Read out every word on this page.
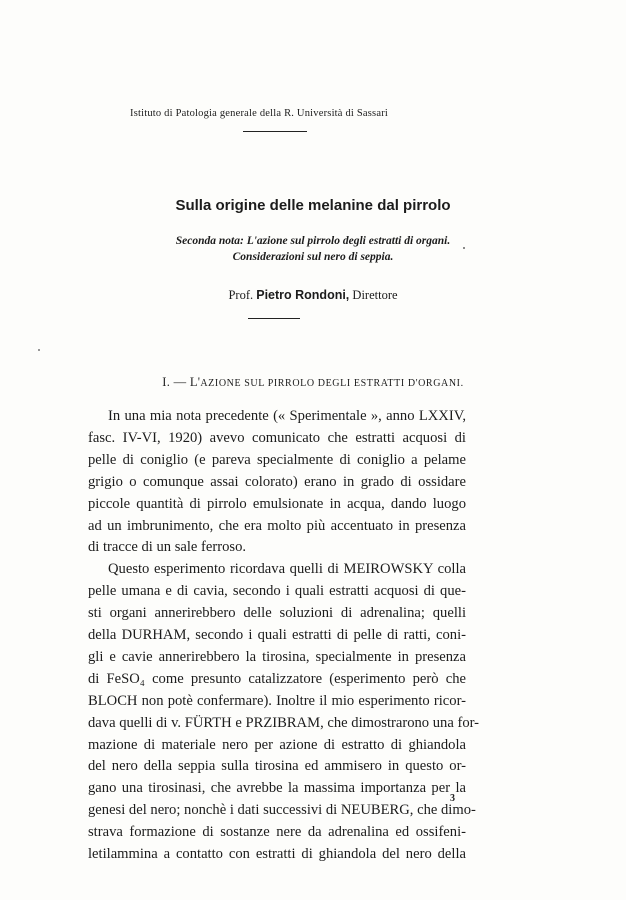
Istituto di Patologia generale della R. Università di Sassari
Sulla origine delle melanine dal pirrolo
Seconda nota: L'azione sul pirrolo degli estratti di organi.
Considerazioni sul nero di seppia.
Prof. Pietro Rondoni, Direttore
I. — L'AZIONE SUL PIRROLO DEGLI ESTRATTI D'ORGANI.
In una mia nota precedente (« Sperimentale », anno LXXIV,
fasc. IV-VI, 1920) avevo comunicato che estratti acquosi di
pelle di coniglio (e pareva specialmente di coniglio a pelame
grigio o comunque assai colorato) erano in grado di ossidare
piccole quantità di pirrolo emulsionate in acqua, dando luogo
ad un imbrunimento, che era molto più accentuato in presenza
di tracce di un sale ferroso.
Questo esperimento ricordava quelli di MEIROWSKY colla
pelle umana e di cavia, secondo i quali estratti acquosi di que-
sti organi annerirebbero delle soluzioni di adrenalina; quelli
della DURHAM, secondo i quali estratti di pelle di ratti, coni-
gli e cavie annerirebbero la tirosina, specialmente in presenza
di FeSO₄ come presunto catalizzatore (esperimento però che
BLOCH non potè confermare). Inoltre il mio esperimento ricor-
dava quelli di v. FÜRTH e PRZIBRAM, che dimostrarono una for-
mazione di materiale nero per azione di estratto di ghiandola
del nero della seppia sulla tirosina ed ammisero in questo or-
gano una tirosinasi, che avrebbe la massima importanza per la
genesi del nero; nonchè i dati successivi di NEUBERG, che dimo-
strava formazione di sostanze nere da adrenalina ed ossifeni-
letilammina a contatto con estratti di ghiandola del nero della
3
